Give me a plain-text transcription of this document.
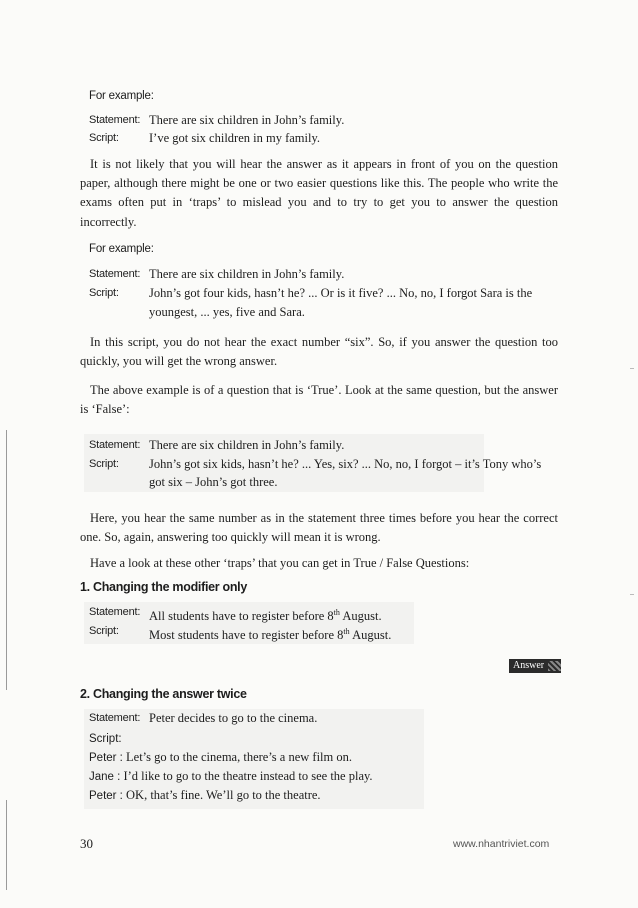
For example:
Statement: There are six children in John’s family.
Script:	I’ve got six children in my family.
It is not likely that you will hear the answer as it appears in front of you on the question paper, although there might be one or two easier questions like this. The people who write the exams often put in ‘traps’ to mislead you and to try to get you to answer the question incorrectly.
For example:
Statement: There are six children in John’s family.
Script:	John’s got four kids, hasn’t he? ... Or is it five? ... No, no, I forgot Sara is the
youngest, ... yes, five and Sara.
In this script, you do not hear the exact number “six”. So, if you answer the question too quickly, you will get the wrong answer.
The above example is of a question that is ‘True’. Look at the same question, but the answer is ‘False’:
Statement: There are six children in John’s family.
Script:	John’s got six kids, hasn’t he? ... Yes, six? ... No, no, I forgot – it’s Tony who’s
got six – John’s got three.
Here, you hear the same number as in the statement three times before you hear the correct one. So, again, answering too quickly will mean it is wrong.
Have a look at these other ‘traps’ that you can get in True / False Questions:
1. Changing the modifier only
Statement: All students have to register before 8th August.
Script:	Most students have to register before 8th August.
Answer
2. Changing the answer twice
Statement: Peter decides to go to the cinema.
Script:
Peter : Let’s go to the cinema, there’s a new film on.
Jane : I’d like to go to the theatre instead to see the play.
Peter : OK, that’s fine. We’ll go to the theatre.
30	www.nhantriviet.com
